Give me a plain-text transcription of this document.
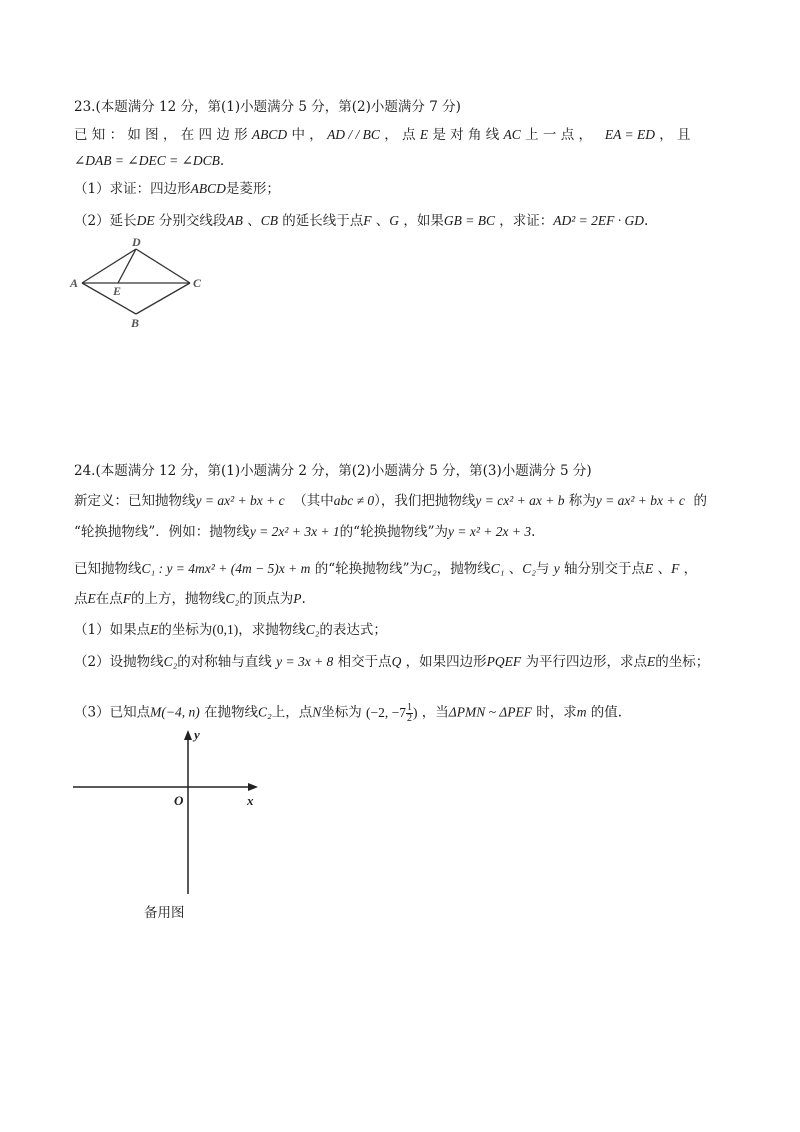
23.(本题满分 12 分，第(1)小题满分 5 分，第(2)小题满分 7 分)
已 知 ： 如 图 ， 在 四 边 形 ABCD 中 ， AD / / BC ， 点 E 是 对 角 线 AC 上 一 点 ， EA = ED ， 且
∠DAB = ∠DEC = ∠DCB.
（1）求证：四边形ABCD是菱形；
（2）延长DE 分别交线段AB 、CB 的延长线于点F 、G ，如果GB = BC ，求证：AD² = 2EF · GD.
D
A
E
C
B
24.(本题满分 12 分，第(1)小题满分 2 分，第(2)小题满分 5 分，第(3)小题满分 5 分)
新定义：已知抛物线y = ax² + bx + c （其中abc ≠ 0），我们把抛物线y = cx² + ax + b 称为y = ax² + bx + c 的
“轮换抛物线”．例如：抛物线y = 2x² + 3x + 1的“轮换抛物线”为y = x² + 2x + 3.
已知抛物线C₁ : y = 4mx² + (4m − 5)x + m 的“轮换抛物线”为C₂，抛物线C₁ 、C₂与 y 轴分别交于点E 、F ，
点E在点F的上方，抛物线C₂的顶点为P.
（1）如果点E的坐标为(0,1)，求抛物线C₂的表达式；
（2）设抛物线C₂的对称轴与直线 y = 3x + 8 相交于点Q ，如果四边形PQEF 为平行四边形，求点E的坐标；
（3）已知点M(−4, n) 在抛物线C₂上，点N坐标为 (−2, $-7 \frac{1}{2}$ ) ，当ΔPMN ~ ΔPEF 时，求m 的值.
x
y
O
备用图
